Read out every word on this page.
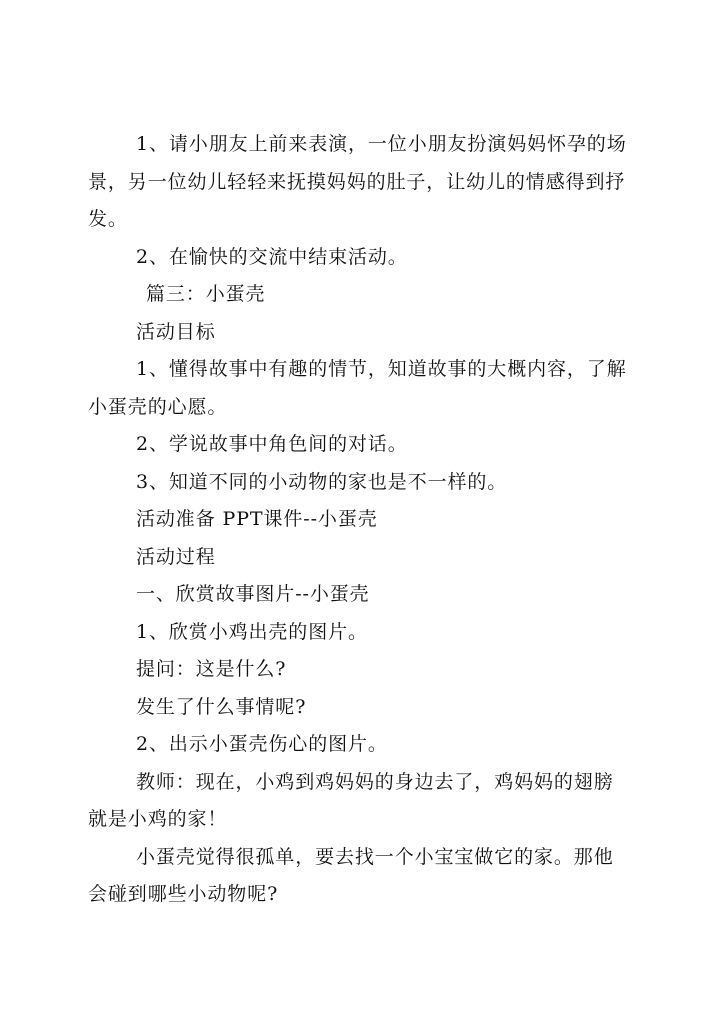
1、请小朋友上前来表演，一位小朋友扮演妈妈怀孕的场景，另一位幼儿轻轻来抚摸妈妈的肚子，让幼儿的情感得到抒发。

2、在愉快的交流中结束活动。

篇三：小蛋壳

活动目标

1、懂得故事中有趣的情节，知道故事的大概内容，了解小蛋壳的心愿。

2、学说故事中角色间的对话。

3、知道不同的小动物的家也是不一样的。

活动准备 PPT课件--小蛋壳

活动过程

一、欣赏故事图片--小蛋壳

1、欣赏小鸡出壳的图片。

提问：这是什么?

发生了什么事情呢?

2、出示小蛋壳伤心的图片。

教师：现在，小鸡到鸡妈妈的身边去了，鸡妈妈的翅膀就是小鸡的家！

小蛋壳觉得很孤单，要去找一个小宝宝做它的家。那他会碰到哪些小动物呢?
